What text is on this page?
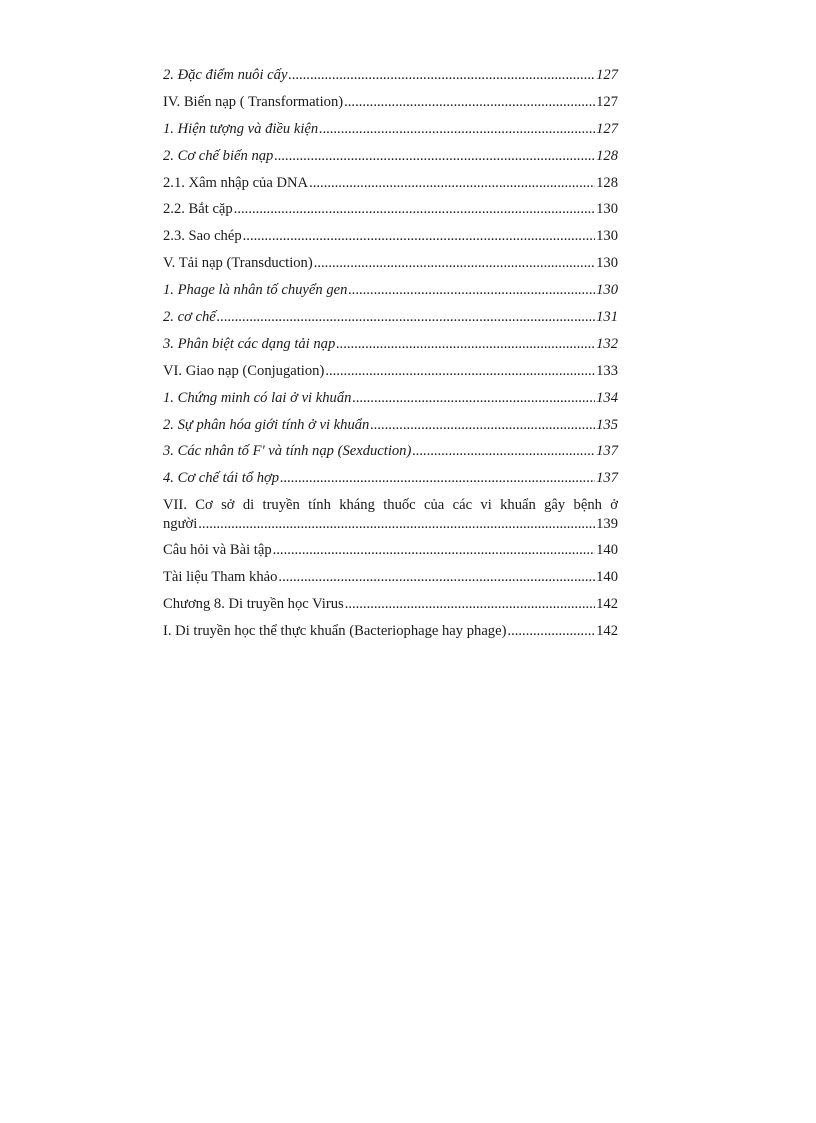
2. Đặc điểm nuôi cấy .....	127
IV. Biến nạp ( Transformation) .....	127
1. Hiện tượng và điều kiện .....	127
2. Cơ chế biến nạp .....	128
2.1. Xâm nhập của DNA .....	128
2.2. Bắt cặp .....	130
2.3. Sao chép .....	130
V. Tải nạp (Transduction) .....	130
1. Phage là nhân tố chuyển gen .....	130
2. cơ chế .....	131
3. Phân biệt các dạng tải nạp .....	132
VI. Giao nạp (Conjugation) .....	133
1. Chứng minh có lai ở vi khuẩn .....	134
2. Sự phân hóa giới tính ở vi khuẩn .....	135
3. Các nhân tố F' và tính nạp (Sexduction) .....	137
4. Cơ chế tái tổ hợp .....	137
VII. Cơ sở di truyền tính kháng thuốc của các vi khuẩn gây bệnh ở
người .....	139
Câu hỏi và Bài tập .....	140
Tài liệu Tham khảo .....	140
Chương 8. Di truyền học Virus .....	142
I. Di truyền học thể thực khuẩn (Bacteriophage hay phage) .....	142
